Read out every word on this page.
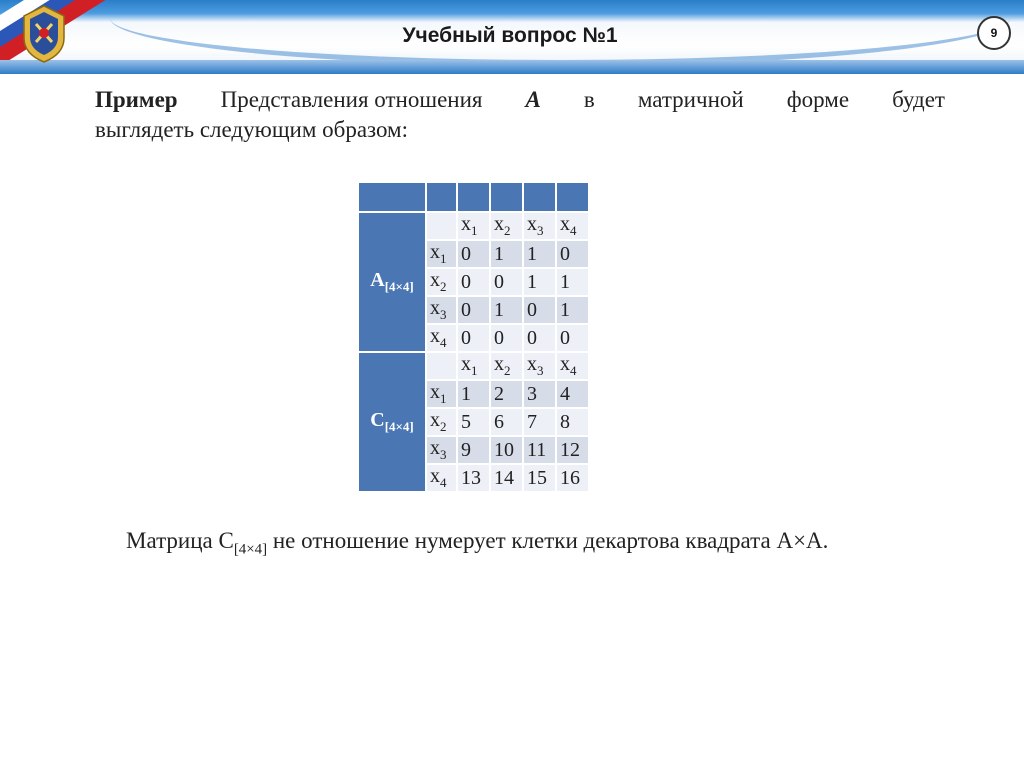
Учебный вопрос №1	9
Пример Представления отношения A в матричной форме будет
выглядеть следующим образом:

$A_{[4\times 4]}$		$x_1$	$x_2$	$x_3$	$x_4$
	$x_1$	0	1	1	0
	$x_2$	0	0	1	1
	$x_3$	0	1	0	1
	$x_4$	0	0	0	0
$C_{[4\times 4]}$		$x_1$	$x_2$	$x_3$	$x_4$
	$x_1$	1	2	3	4
	$x_2$	5	6	7	8
	$x_3$	9	10	11	12
	$x_4$	13	14	15	16
Матрица $C_{[4\times 4]}$ не отношение нумерует клетки декартова квадрата A×A.
